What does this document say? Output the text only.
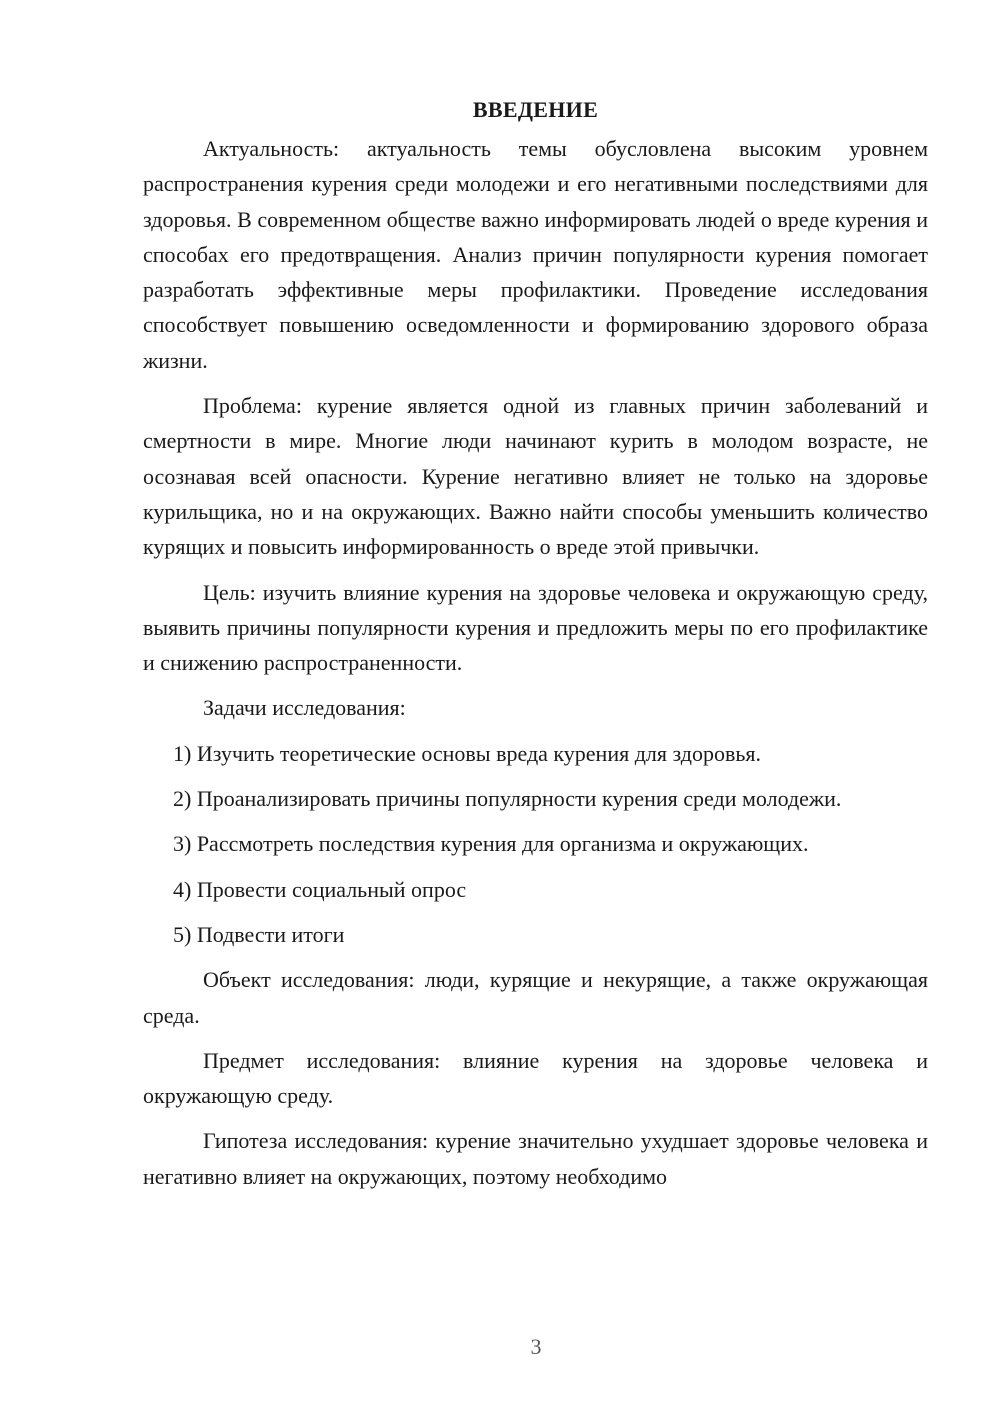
ВВЕДЕНИЕ

Актуальность: актуальность темы обусловлена высоким уровнем распространения курения среди молодежи и его негативными последствиями для здоровья. В современном обществе важно информировать людей о вреде курения и способах его предотвращения. Анализ причин популярности курения помогает разработать эффективные меры профилактики. Проведение исследования способствует повышению осведомленности и формированию здорового образа жизни.

Проблема: курение является одной из главных причин заболеваний и смертности в мире. Многие люди начинают курить в молодом возрасте, не осознавая всей опасности. Курение негативно влияет не только на здоровье курильщика, но и на окружающих. Важно найти способы уменьшить количество курящих и повысить информированность о вреде этой привычки.

Цель: изучить влияние курения на здоровье человека и окружающую среду, выявить причины популярности курения и предложить меры по его профилактике и снижению распространенности.

Задачи исследования:

1) Изучить теоретические основы вреда курения для здоровья.

2) Проанализировать причины популярности курения среди молодежи.

3) Рассмотреть последствия курения для организма и окружающих.

4) Провести социальный опрос

5) Подвести итоги

Объект исследования: люди, курящие и некурящие, а также окружающая среда.

Предмет исследования: влияние курения на здоровье человека и окружающую среду.

Гипотеза исследования: курение значительно ухудшает здоровье человека и негативно влияет на окружающих, поэтому необходимо

3
